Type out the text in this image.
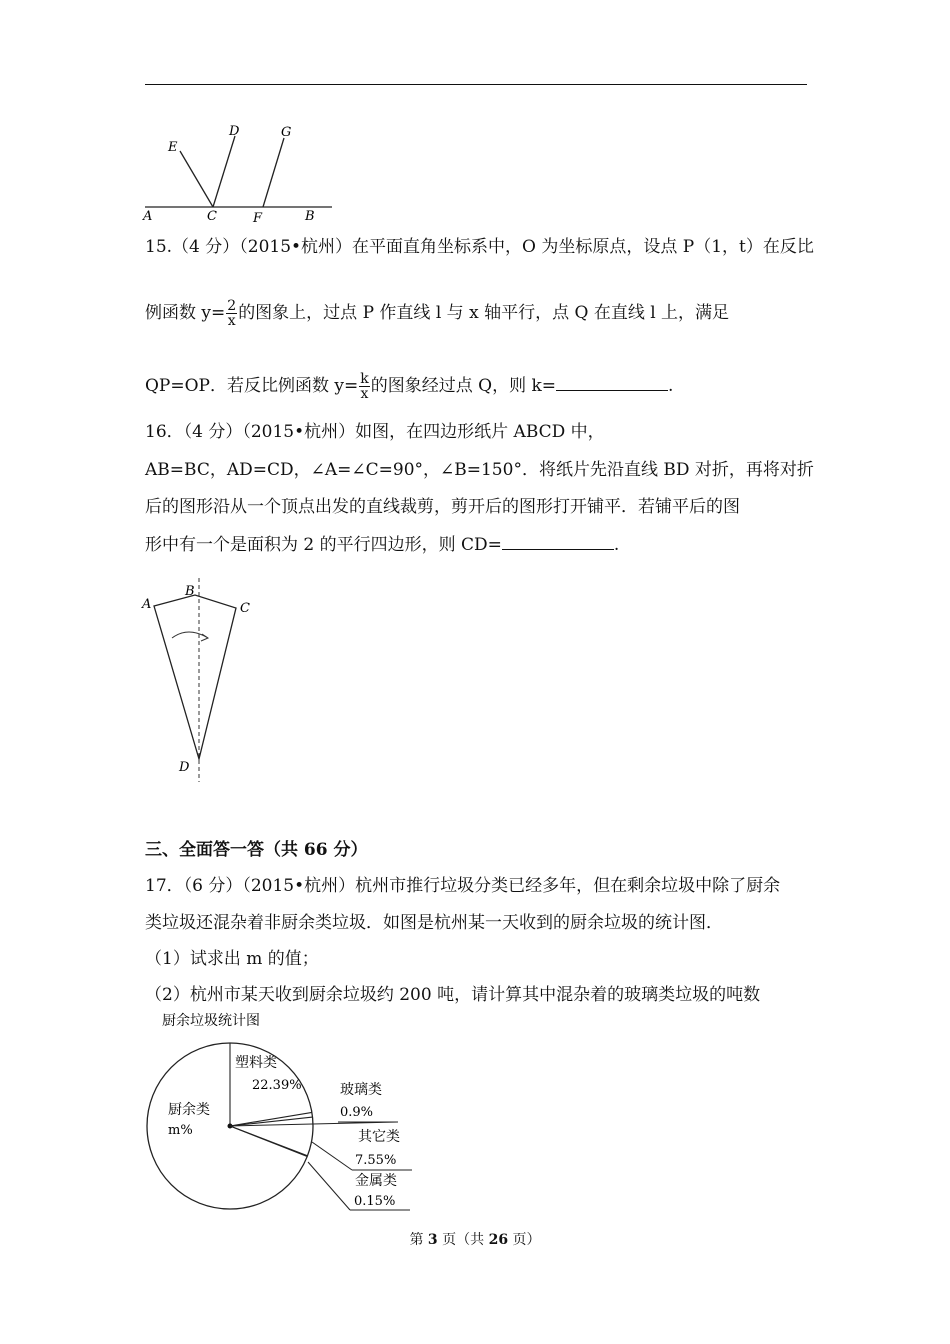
A	C	F	B
E
D	G
15.（4 分）（2015•杭州）在平面直角坐标系中，O 为坐标原点，设点 P（1，t）在反比
例函数 $y= \frac{2}{x}$ 的图象上，过点 P 作直线 l 与 x 轴平行，点 Q 在直线 l 上，满足
QP=OP．若反比例函数 $y= \frac{k}{x}$ 的图象经过点 Q，则 k=	.
16．（4 分）（2015•杭州）如图，在四边形纸片 ABCD 中，
AB=BC，AD=CD，∠A=∠C=90°，∠B=150°．将纸片先沿直线 BD 对折，再将对折
后的图形沿从一个顶点出发的直线裁剪，剪开后的图形打开铺平．若铺平后的图
形中有一个是面积为 2 的平行四边形，则 CD=	.
A
B
C
D
三、全面答一答（共 66 分）
17．（6 分）（2015•杭州）杭州市推行垃圾分类已经多年，但在剩余垃圾中除了厨余
类垃圾还混杂着非厨余类垃圾．如图是杭州某一天收到的厨余垃圾的统计图．
（1）试求出 m 的值；
（2）杭州市某天收到厨余垃圾约 200 吨，请计算其中混杂着的玻璃类垃圾的吨数
厨余垃圾统计图
厨余类
m%
塑料类
22.39%	玻璃类
0.9%
其它类
7.55%
金属类
0.15%
第 3 页（共 26 页）
